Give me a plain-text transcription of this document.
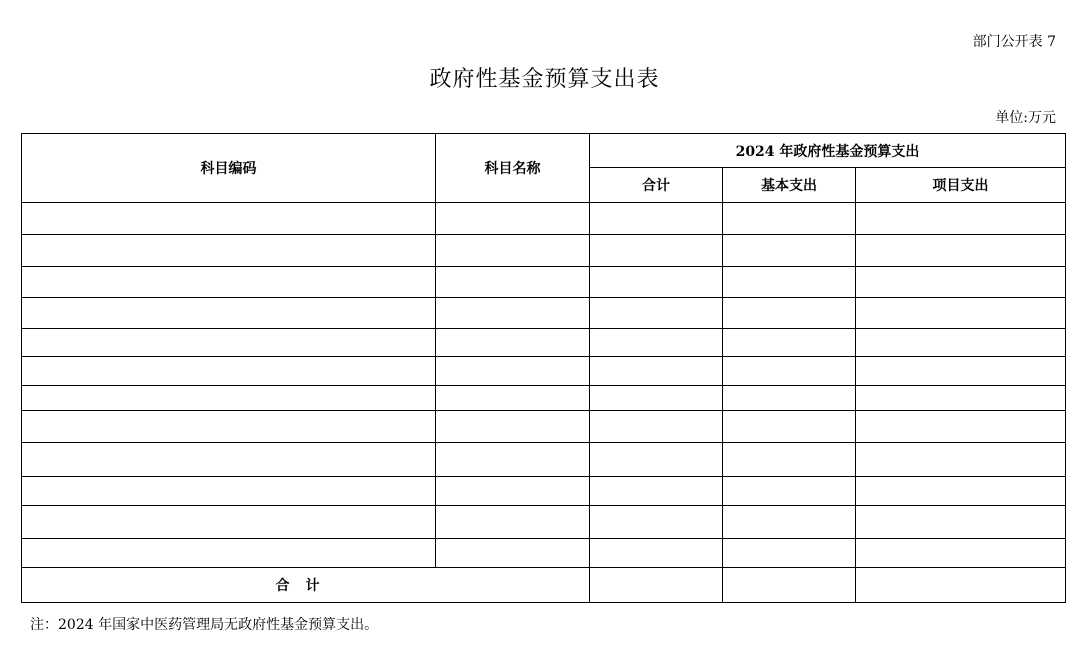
部门公开表 7
政府性基金预算支出表
单位:万元
科目编码	科目名称	2024 年政府性基金预算支出		
		合计	基本支出	项目支出

合计				
注：2024 年国家中医药管理局无政府性基金预算支出。
